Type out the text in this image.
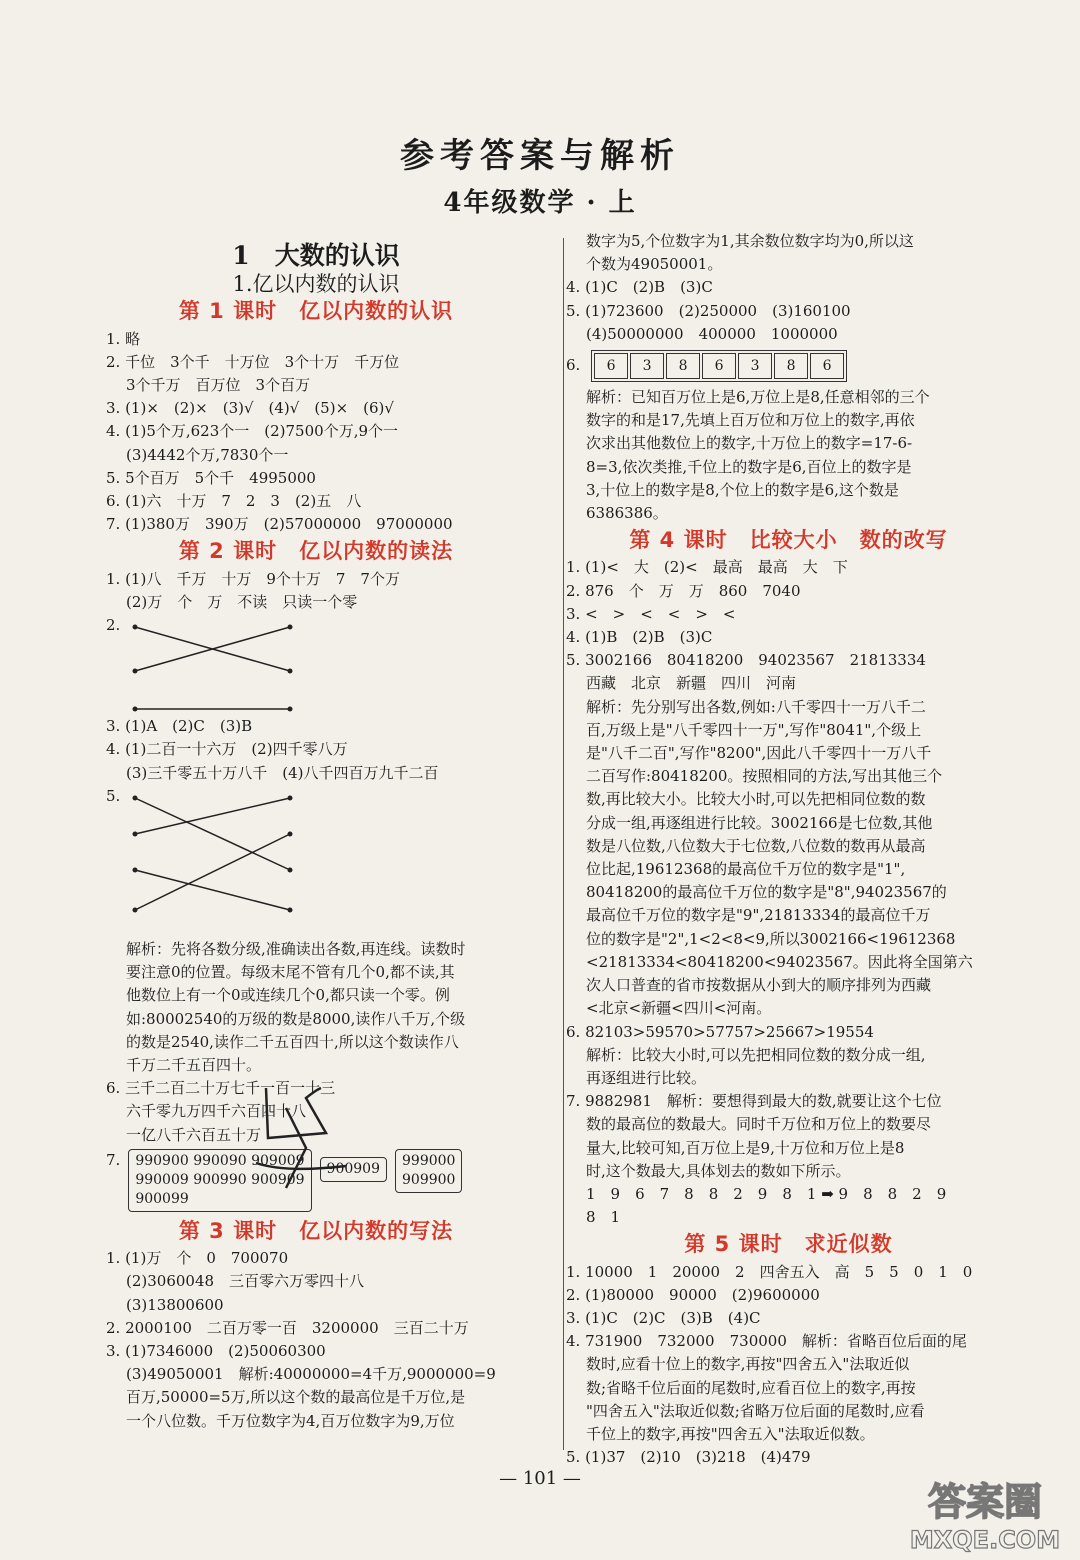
参考答案与解析
4年级数学 · 上
1　大数的认识
1.亿以内数的认识
第 1 课时　亿以内数的认识
1. 略
2. 千位　3个千　十万位　3个十万　千万位
3个千万　百万位　3个百万
3. (1)×　(2)×　(3)√　(4)√　(5)×　(6)√
4. (1)5个万,623个一　(2)7500个万,9个一
(3)4442个万,7830个一
5. 5个百万　5个千　4995000
6. (1)六　十万　7　2　3　(2)五　八
7. (1)380万　390万　(2)57000000　97000000
第 2 课时　亿以内数的读法
1. (1)八　千万　十万　9个十万　7　7个万
(2)万　个　万　不读　只读一个零
2.
3. (1)A　(2)C　(3)B
4. (1)二百一十六万　(2)四千零八万
(3)三千零五十万八千　(4)八千四百万九千二百
5.
解析：先将各数分级,准确读出各数,再连线。读数时
要注意0的位置。每级末尾不管有几个0,都不读,其
他数位上有一个0或连续几个0,都只读一个零。例
如:80002540的万级的数是8000,读作八千万,个级
的数是2540,读作二千五百四十,所以这个数读作八
千万二千五百四十。
6. 三千二百二十万七千一百一十三
六千零九万四千六百四十八
一亿八千六百五十万
7. 990900 990090 909009
990009 900990 900909
900099
900909 999000
909900
第 3 课时　亿以内数的写法
1. (1)万　个　0　700070
(2)3060048　三百零六万零四十八
(3)13800600
2. 2000100　二百万零一百　3200000　三百二十万
3. (1)7346000　(2)50060300
(3)49050001　解析:40000000=4千万,9000000=9
百万,50000=5万,所以这个数的最高位是千万位,是
一个八位数。千万位数字为4,百万位数字为9,万位
数字为5,个位数字为1,其余数位数字均为0,所以这
个数为49050001。
4. (1)C　(2)B　(3)C
5. (1)723600　(2)250000　(3)160100
(4)50000000　400000　1000000
6.	6	3	8	6	3	8	6
解析：已知百万位上是6,万位上是8,任意相邻的三个
数字的和是17,先填上百万位和万位上的数字,再依
次求出其他数位上的数字,十万位上的数字=17-6-
8=3,依次类推,千位上的数字是6,百位上的数字是
3,十位上的数字是8,个位上的数字是6,这个数是
6386386。
第 4 课时　比较大小　数的改写
1. (1)<　大　(2)<　最高　最高　大　下
2. 876　个　万　万　860　7040
3. <　>　<　<　>　<
4. (1)B　(2)B　(3)C
5. 3002166　80418200　94023567　21813334
西藏　北京　新疆　四川　河南
解析：先分别写出各数,例如:八千零四十一万八千二
百,万级上是"八千零四十一万",写作"8041",个级上
是"八千二百",写作"8200",因此八千零四十一万八千
二百写作:80418200。按照相同的方法,写出其他三个
数,再比较大小。比较大小时,可以先把相同位数的数
分成一组,再逐组进行比较。3002166是七位数,其他
数是八位数,八位数大于七位数,八位数的数再从最高
位比起,19612368的最高位千万位的数字是"1",
80418200的最高位千万位的数字是"8",94023567的
最高位千万位的数字是"9",21813334的最高位千万
位的数字是"2",1<2<8<9,所以3002166<19612368
<21813334<80418200<94023567。因此将全国第六
次人口普查的省市按数据从小到大的顺序排列为西藏
<北京<新疆<四川<河南。
6. 82103>59570>57757>25667>19554
解析：比较大小时,可以先把相同位数的数分成一组,
再逐组进行比较。
7. 9882981　解析：要想得到最大的数,就要让这个七位
数的最高位的数最大。同时千万位和万位上的数要尽
量大,比较可知,百万位上是9,十万位和万位上是8
时,这个数最大,具体划去的数如下所示。
1　9　6　7　8　8　2　9　8　1 ➡ 9　8　8　2　9
8　1
第 5 课时　求近似数
1. 10000　1　20000　2　四舍五入　高　5　5　0　1　0
2. (1)80000　90000　(2)9600000
3. (1)C　(2)C　(3)B　(4)C
4. 731900　732000　730000　解析：省略百位后面的尾
数时,应看十位上的数字,再按"四舍五入"法取近似
数;省略千位后面的尾数时,应看百位上的数字,再按
"四舍五入"法取近似数;省略万位后面的尾数时,应看
千位上的数字,再按"四舍五入"法取近似数。
5. (1)37　(2)10　(3)218　(4)479
— 101 —
答案圈
MXQE.COM
